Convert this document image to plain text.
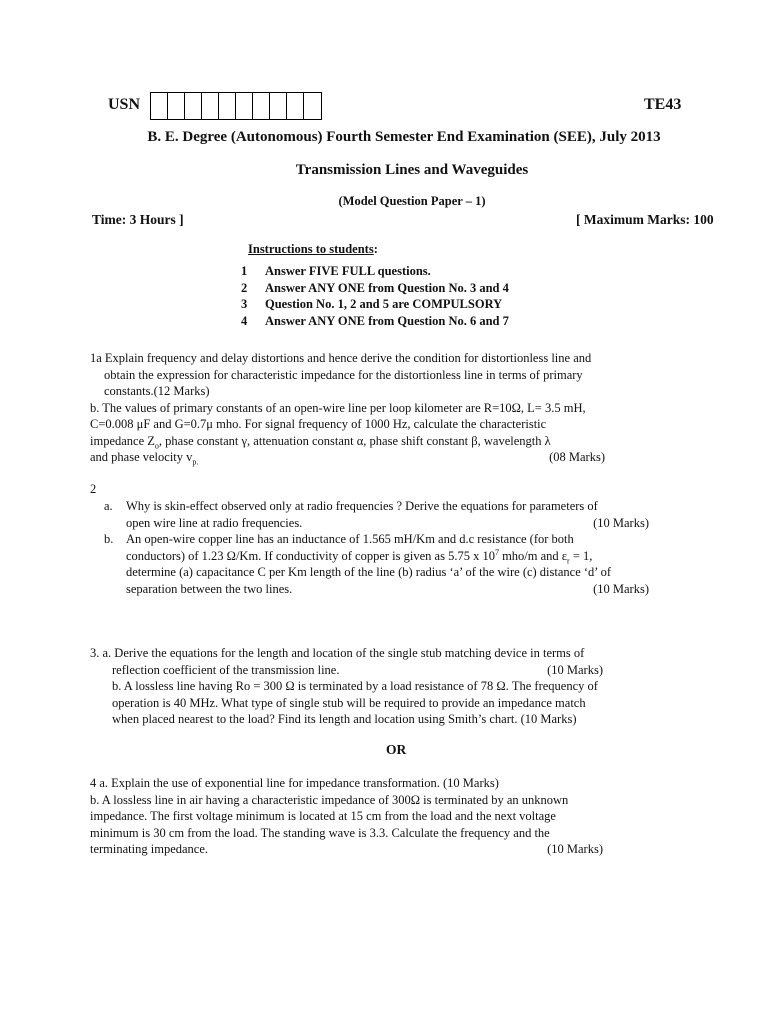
USN	TE43
B. E. Degree (Autonomous) Fourth Semester End Examination (SEE), July 2013
Transmission Lines and Waveguides
(Model Question Paper – 1)
Time: 3 Hours ]	[ Maximum Marks: 100
Instructions to students:
1 Answer FIVE FULL questions.
2 Answer ANY ONE from Question No. 3 and 4
3 Question No. 1, 2 and 5 are COMPULSORY
4 Answer ANY ONE from Question No. 6 and 7
1a Explain frequency and delay distortions and hence derive the condition for distortionless line and
obtain the expression for characteristic impedance for the distortionless line in terms of primary
constants.(12 Marks)
b. The values of primary constants of an open-wire line per loop kilometer are R=10Ω, L= 3.5 mH,
C=0.008 μF and G=0.7μ mho. For signal frequency of 1000 Hz, calculate the characteristic
impedance $Z_o$, phase constant γ, attenuation constant α, phase shift constant β, wavelength λ
and phase velocity $v_{p.}$	(08 Marks)
2
a. Why is skin-effect observed only at radio frequencies ? Derive the equations for parameters of
open wire line at radio frequencies.	(10 Marks)
b. An open-wire copper line has an inductance of 1.565 mH/Km and d.c resistance (for both
conductors) of 1.23 Ω/Km. If conductivity of copper is given as 5.75 x $10^7$ mho/m and $\varepsilon_r = 1$,
determine (a) capacitance C per Km length of the line (b) radius ‘a’ of the wire (c) distance ‘d’ of
separation between the two lines.	(10 Marks)
3. a. Derive the equations for the length and location of the single stub matching device in terms of
reflection coefficient of the transmission line.	(10 Marks)
b. A lossless line having Ro = 300 Ω is terminated by a load resistance of 78 Ω. The frequency of
operation is 40 MHz. What type of single stub will be required to provide an impedance match
when placed nearest to the load? Find its length and location using Smith’s chart. (10 Marks)
OR
4 a. Explain the use of exponential line for impedance transformation. (10 Marks)
b. A lossless line in air having a characteristic impedance of 300Ω is terminated by an unknown
impedance. The first voltage minimum is located at 15 cm from the load and the next voltage
minimum is 30 cm from the load. The standing wave is 3.3. Calculate the frequency and the
terminating impedance.	(10 Marks)
